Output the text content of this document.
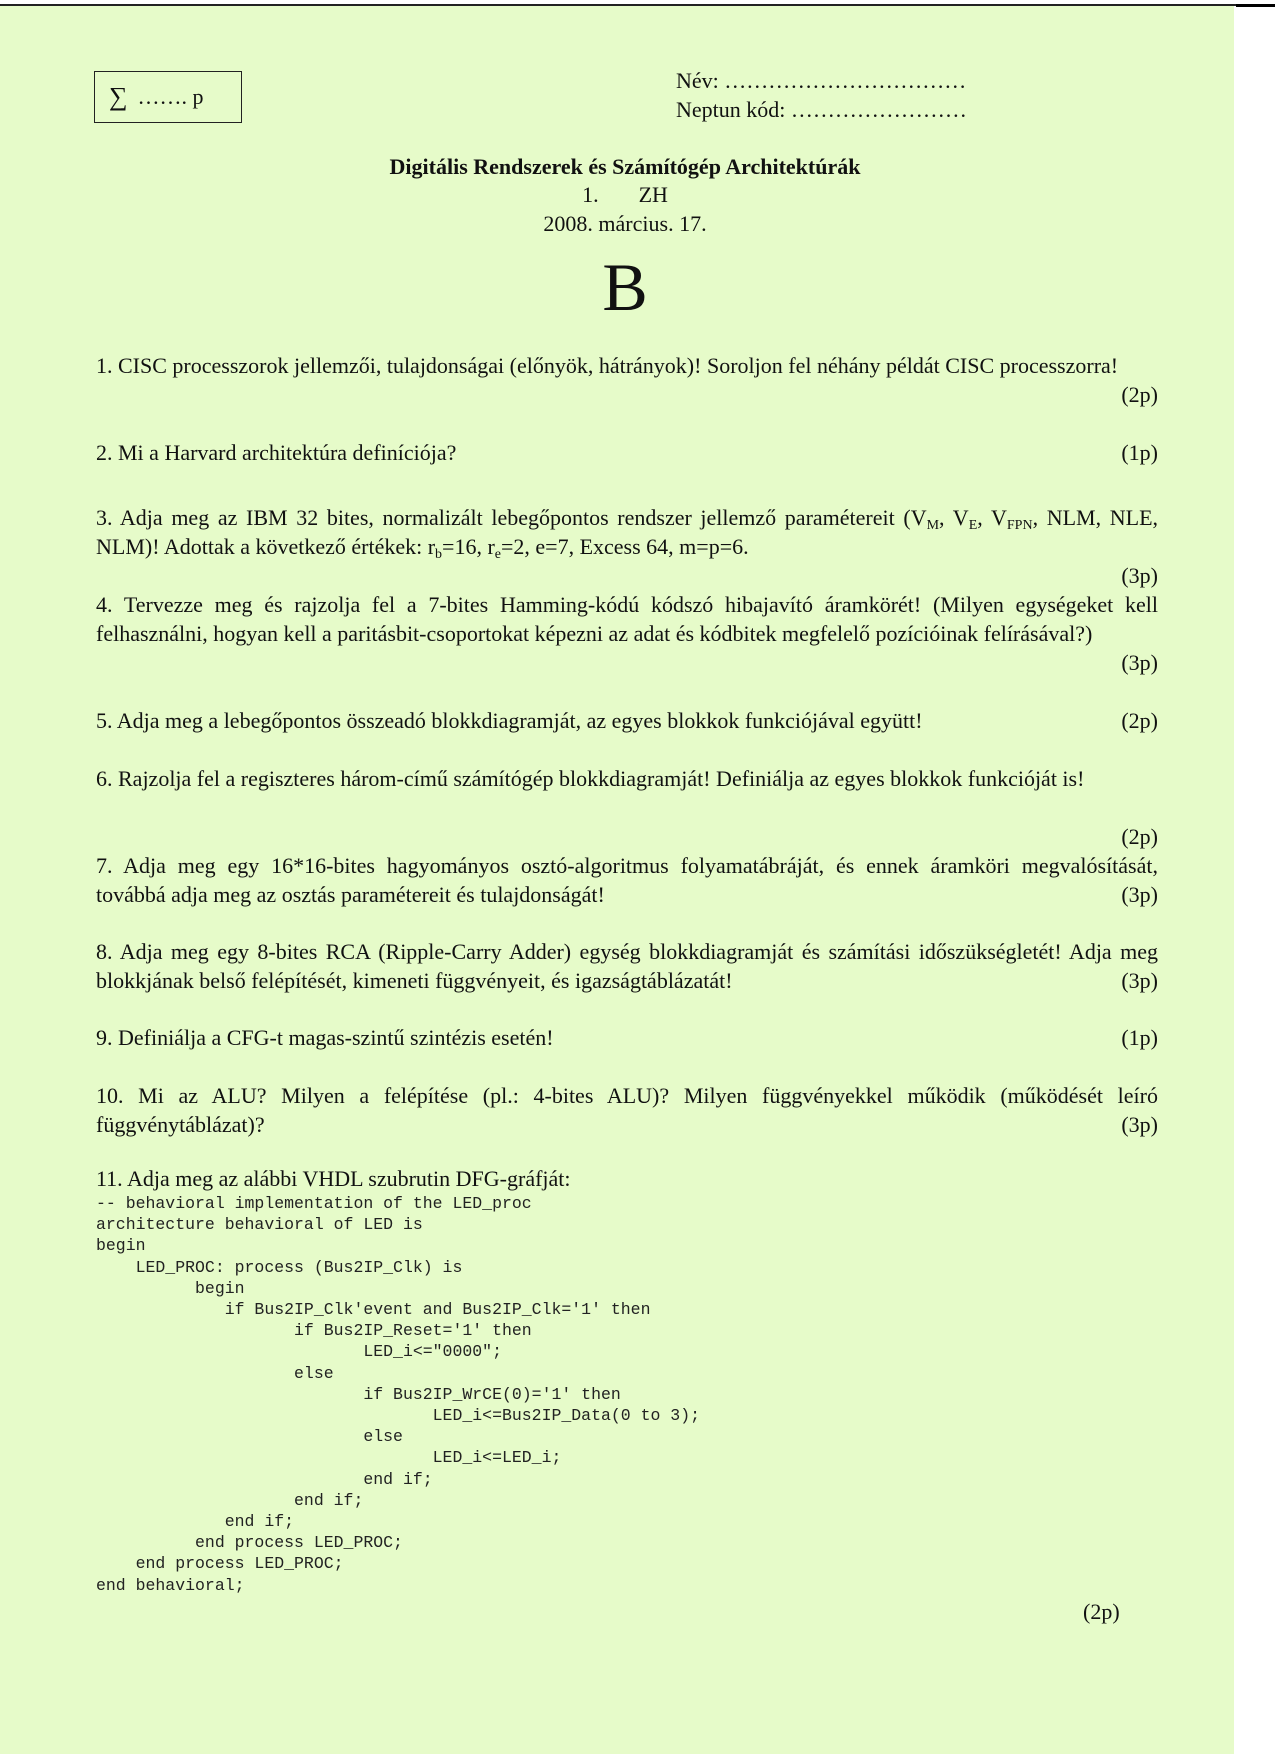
∑ ……. p
Név: ……………………………
Neptun kód: ……………………
Digitális Rendszerek és Számítógép Architektúrák
1. ZH
2008. március. 17.
B
1. CISC processzorok jellemzői, tulajdonságai (előnyök, hátrányok)! Soroljon fel néhány példát CISC processzorra!
(2p)
2. Mi a Harvard architektúra definíciója?	(1p)
3. Adja meg az IBM 32 bites, normalizált lebegőpontos rendszer jellemző paramétereit ($V_M$, $V_E$, $V_{FPN}$, NLM, NLE, NLM)! Adottak a következő értékek: $r_b=16$, $r_e=2$, e=7, Excess 64, m=p=6.
(3p)
4. Tervezze meg és rajzolja fel a 7-bites Hamming-kódú kódszó hibajavító áramkörét! (Milyen egységeket kell felhasználni, hogyan kell a paritásbit-csoportokat képezni az adat és kódbitek megfelelő pozícióinak felírásával?)
(3p)
5. Adja meg a lebegőpontos összeadó blokkdiagramját, az egyes blokkok funkciójával együtt!	(2p)
6. Rajzolja fel a regiszteres három-című számítógép blokkdiagramját! Definiálja az egyes blokkok funkcióját is!
(2p)
7. Adja meg egy 16*16-bites hagyományos osztó-algoritmus folyamatábráját, és ennek áramköri megvalósítását, továbbá adja meg az osztás paramétereit és tulajdonságát!	(3p)
8. Adja meg egy 8-bites RCA (Ripple-Carry Adder) egység blokkdiagramját és számítási időszükségletét! Adja meg blokkjának belső felépítését, kimeneti függvényeit, és igazságtáblázatát!	(3p)
9. Definiálja a CFG-t magas-szintű szintézis esetén!	(1p)
10. Mi az ALU? Milyen a felépítése (pl.: 4-bites ALU)? Milyen függvényekkel működik (működését leíró függvénytáblázat)?	(3p)
11. Adja meg az alábbi VHDL szubrutin DFG-gráfját:
-- behavioral implementation of the LED_proc
architecture behavioral of LED is
begin
LED_PROC: process (Bus2IP_Clk) is
begin
if Bus2IP_Clk'event and Bus2IP_Clk='1' then
if Bus2IP_Reset='1' then
LED_i<="0000";
else
if Bus2IP_WrCE(0)='1' then
LED_i<=Bus2IP_Data(0 to 3);
else
LED_i<=LED_i;
end if;
end if;
end if;
end process LED_PROC;
end process LED_PROC;
end behavioral;
(2p)
